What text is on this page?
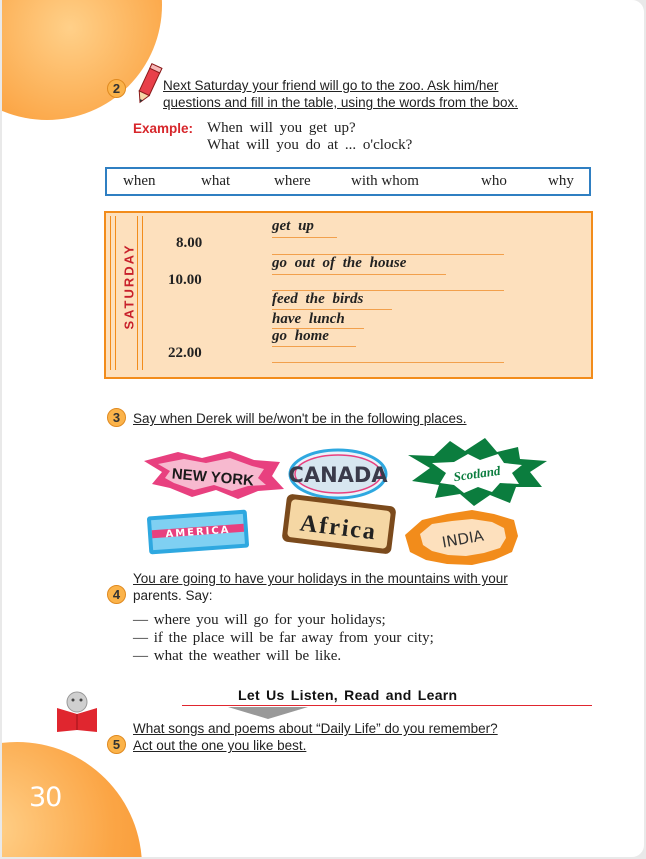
30
2	Next Saturday your friend will go to the zoo. Ask him/her
questions and fill in the table, using the words from the box.
Example: When will you get up?
What will you do at ... o'clock?
when	what	where	with whom	who	why
SATURDAY
8.00
10.00
22.00
get up
go out of the house
feed the birds
have lunch
go home
3 Say when Derek will be/won't be in the following places.
NEW YORK CANADA	Scotland
AMERICA	Africa	INDIA
You are going to have your holidays in the mountains with your
4 parents. Say:
— where you will go for your holidays;
— if the place will be far away from your city;
— what the weather will be like.
Let Us Listen, Read and Learn
What songs and poems about “Daily Life” do you remember?
5 Act out the one you like best.
